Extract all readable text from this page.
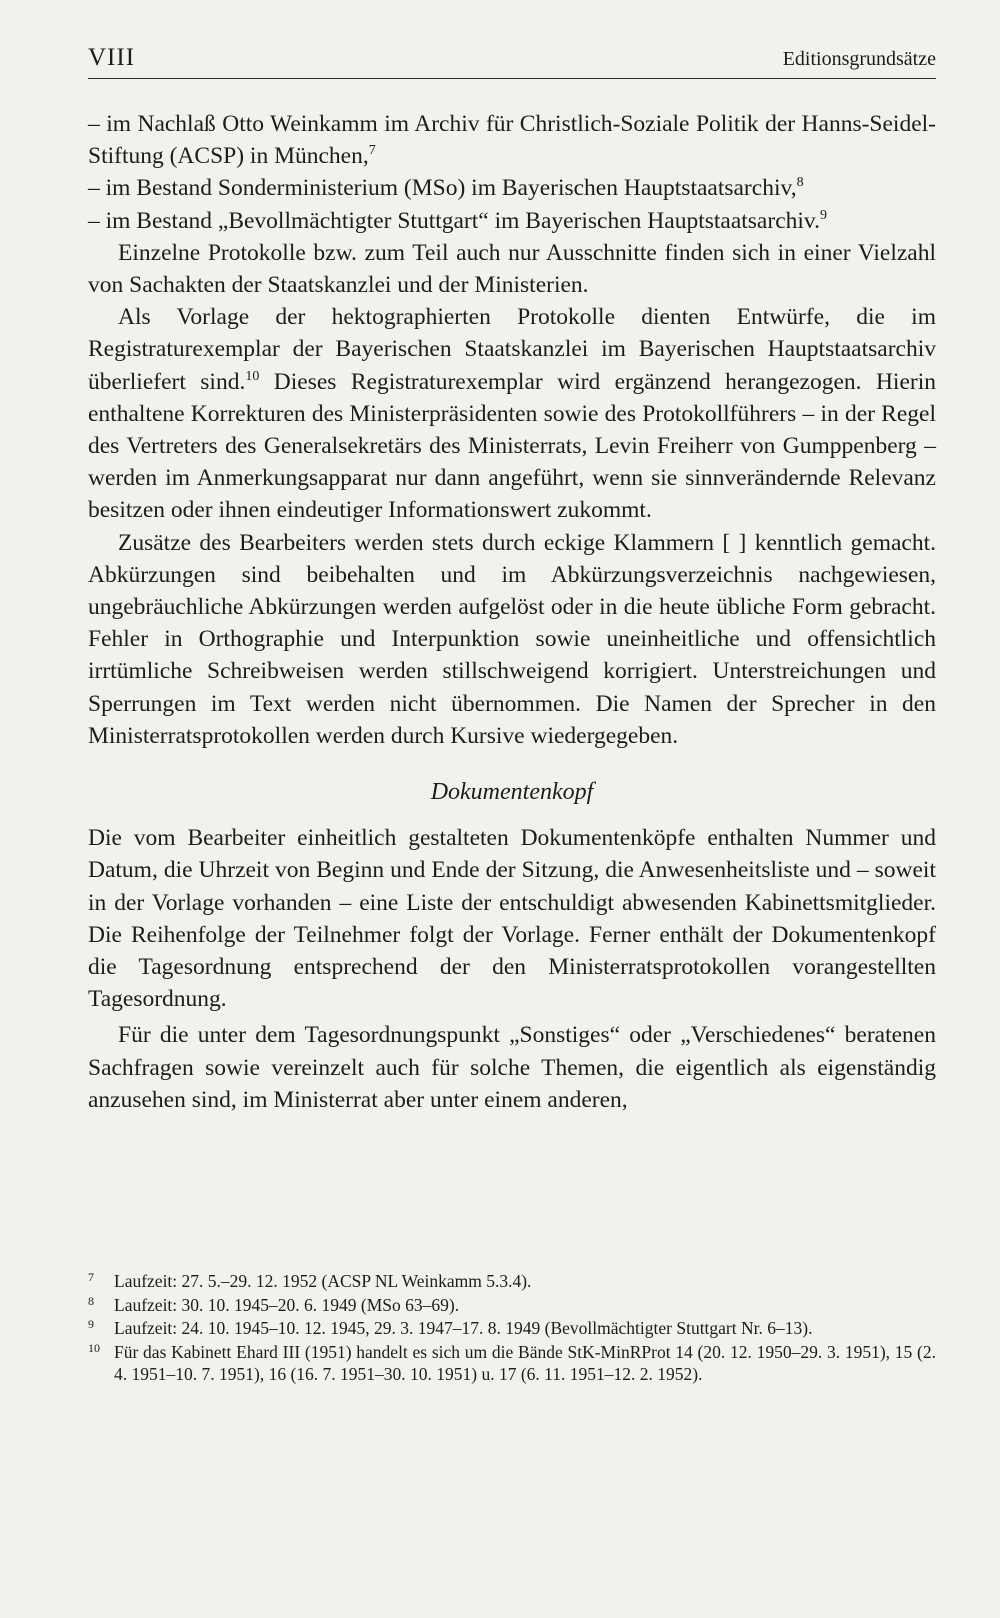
VIII	Editionsgrundsätze

– im Nachlaß Otto Weinkamm im Archiv für Christlich-Soziale Politik der Hanns-Seidel-Stiftung (ACSP) in München,$^7$

– im Bestand Sonderministerium (MSo) im Bayerischen Hauptstaatsarchiv,$^8$

– im Bestand „Bevollmächtigter Stuttgart“ im Bayerischen Hauptstaatsarchiv.$^9$

Einzelne Protokolle bzw. zum Teil auch nur Ausschnitte finden sich in einer Vielzahl von Sachakten der Staatskanzlei und der Ministerien.

Als Vorlage der hektographierten Protokolle dienten Entwürfe, die im Registraturexemplar der Bayerischen Staatskanzlei im Bayerischen Hauptstaatsarchiv überliefert sind.$^{10}$ Dieses Registraturexemplar wird ergänzend herangezogen. Hierin enthaltene Korrekturen des Ministerpräsidenten sowie des Protokollführers – in der Regel des Vertreters des Generalsekretärs des Ministerrats, Levin Freiherr von Gumppenberg – werden im Anmerkungsapparat nur dann angeführt, wenn sie sinnverändernde Relevanz besitzen oder ihnen eindeutiger Informationswert zukommt.

Zusätze des Bearbeiters werden stets durch eckige Klammern [ ] kenntlich gemacht. Abkürzungen sind beibehalten und im Abkürzungsverzeichnis nachgewiesen, ungebräuchliche Abkürzungen werden aufgelöst oder in die heute übliche Form gebracht. Fehler in Orthographie und Interpunktion sowie uneinheitliche und offensichtlich irrtümliche Schreibweisen werden stillschweigend korrigiert. Unterstreichungen und Sperrungen im Text werden nicht übernommen. Die Namen der Sprecher in den Ministerratsprotokollen werden durch Kursive wiedergegeben.

Dokumentenkopf

Die vom Bearbeiter einheitlich gestalteten Dokumentenköpfe enthalten Nummer und Datum, die Uhrzeit von Beginn und Ende der Sitzung, die Anwesenheitsliste und – soweit in der Vorlage vorhanden – eine Liste der entschuldigt abwesenden Kabinettsmitglieder. Die Reihenfolge der Teilnehmer folgt der Vorlage. Ferner enthält der Dokumentenkopf die Tagesordnung entsprechend der den Ministerratsprotokollen vorangestellten Tagesordnung.

Für die unter dem Tagesordnungspunkt „Sonstiges“ oder „Verschiedenes“ beratenen Sachfragen sowie vereinzelt auch für solche Themen, die eigentlich als eigenständig anzusehen sind, im Ministerrat aber unter einem anderen,

7	Laufzeit: 27. 5.–29. 12. 1952 (ACSP NL Weinkamm 5.3.4).
8	Laufzeit: 30. 10. 1945–20. 6. 1949 (MSo 63–69).
9	Laufzeit: 24. 10. 1945–10. 12. 1945, 29. 3. 1947–17. 8. 1949 (Bevollmächtigter Stuttgart Nr. 6–13).
10 Für das Kabinett Ehard III (1951) handelt es sich um die Bände StK-MinRProt 14 (20. 12. 1950–29. 3. 1951), 15 (2. 4. 1951–10. 7. 1951), 16 (16. 7. 1951–30. 10. 1951) u. 17 (6. 11. 1951–12. 2. 1952).
